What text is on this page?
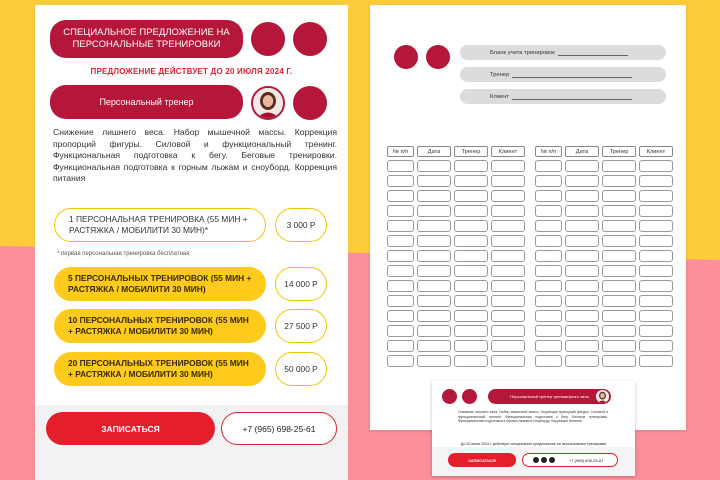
СПЕЦИАЛЬНОЕ ПРЕДЛОЖЕНИЕ НА ПЕРСОНАЛЬНЫЕ ТРЕНИРОВКИ
ПРЕДЛОЖЕНИЕ ДЕЙСТВУЕТ ДО 20 ИЮЛЯ 2024 Г.
Персональный тренер
Снижение лишнего веса. Набор мышечной массы. Коррекция пропорций фигуры. Силовой и функциональный тренинг. Функциональная подготовка к бегу. Беговые тренировки. Функциональная подготовка к горным лыжам и сноуборд. Коррекция питания
1 ПЕРСОНАЛЬНАЯ ТРЕНИРОВКА (55 МИН + РАСТЯЖКА / МОБИЛИТИ 30 МИН)*	3 000 Р
* первая персональная тренировка бесплатная
5 ПЕРСОНАЛЬНЫХ ТРЕНИРОВОК (55 МИН + РАСТЯЖКА / МОБИЛИТИ 30 МИН)	14 000 Р
10 ПЕРСОНАЛЬНЫХ ТРЕНИРОВОК (55 МИН + РАСТЯЖКА / МОБИЛИТИ 30 МИН)	27 500 Р
20 ПЕРСОНАЛЬНЫХ ТРЕНИРОВОК (55 МИН + РАСТЯЖКА / МОБИЛИТИ 30 МИН)	50 000 Р
ЗАПИСАТЬСЯ	+7 (965) 698-25-61
Бланк учета тренировок
Тренер
Клиент
№ п/п	Дата	Тренер	Клиент	№ п/п	Дата	Тренер	Клиент
Персональный тренер тренажерного зала
Снижение лишнего веса. Набор мышечной массы. Коррекция пропорций фигуры. Силовой и функциональный тренинг. Функциональная подготовка к бегу. Беговые тренировки. Функциональная подготовка к горным лыжам и сноуборду. Коррекция питания
До 20 июля 2024 г. действует специальное предложение на персональные тренировки
ЗАПИСАТЬСЯ	+7 (965) 698-25-61
